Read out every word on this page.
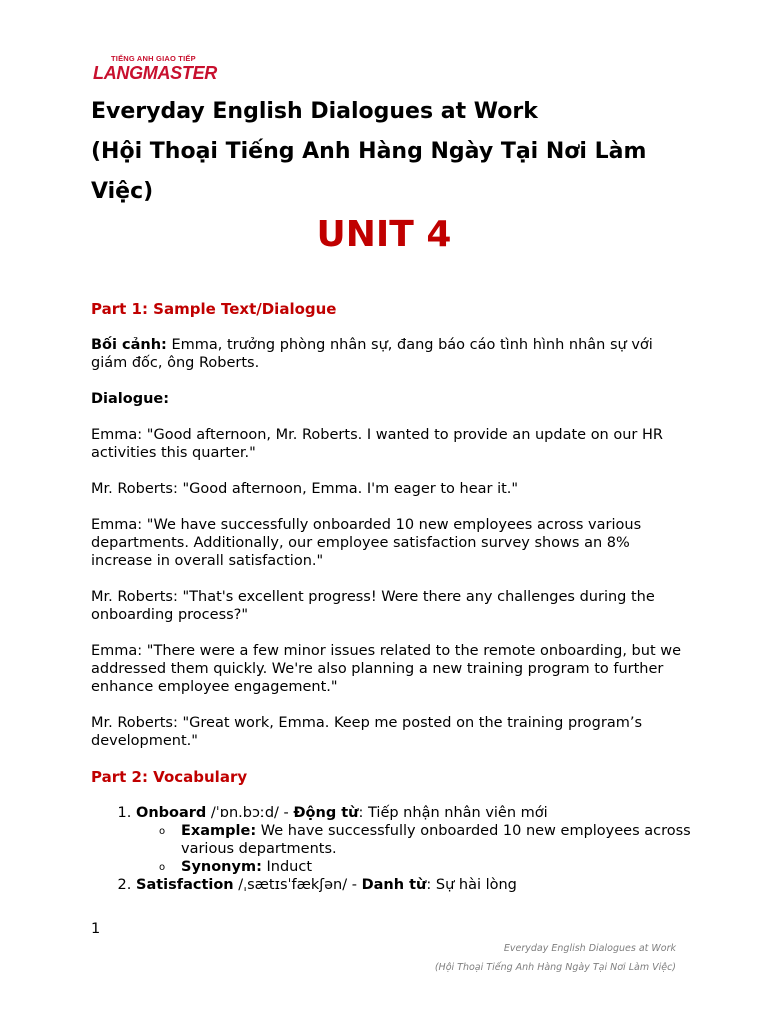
TIẾNG ANH GIAO TIẾP
LANGMASTER
Everyday English Dialogues at Work
(Hội Thoại Tiếng Anh Hàng Ngày Tại Nơi Làm
Việc)
UNIT 4

Part 1: Sample Text/Dialogue

Bối cảnh: Emma, trưởng phòng nhân sự, đang báo cáo tình hình nhân sự với giám đốc, ông Roberts.

Dialogue:

Emma: "Good afternoon, Mr. Roberts. I wanted to provide an update on our HR activities this quarter."

Mr. Roberts: "Good afternoon, Emma. I'm eager to hear it."

Emma: "We have successfully onboarded 10 new employees across various departments. Additionally, our employee satisfaction survey shows an 8% increase in overall satisfaction."

Mr. Roberts: "That's excellent progress! Were there any challenges during the onboarding process?"

Emma: "There were a few minor issues related to the remote onboarding, but we addressed them quickly. We're also planning a new training program to further enhance employee engagement."

Mr. Roberts: "Great work, Emma. Keep me posted on the training program’s development."

Part 2: Vocabulary

1. Onboard /ˈɒn.bɔːd/ - Động từ: Tiếp nhận nhân viên mới
o Example: We have successfully onboarded 10 new employees across various departments.
o Synonym: Induct
2. Satisfaction /ˌsætɪsˈfækʃən/ - Danh từ: Sự hài lòng
1
Everyday English Dialogues at Work
(Hội Thoại Tiếng Anh Hàng Ngày Tại Nơi Làm Việc)
